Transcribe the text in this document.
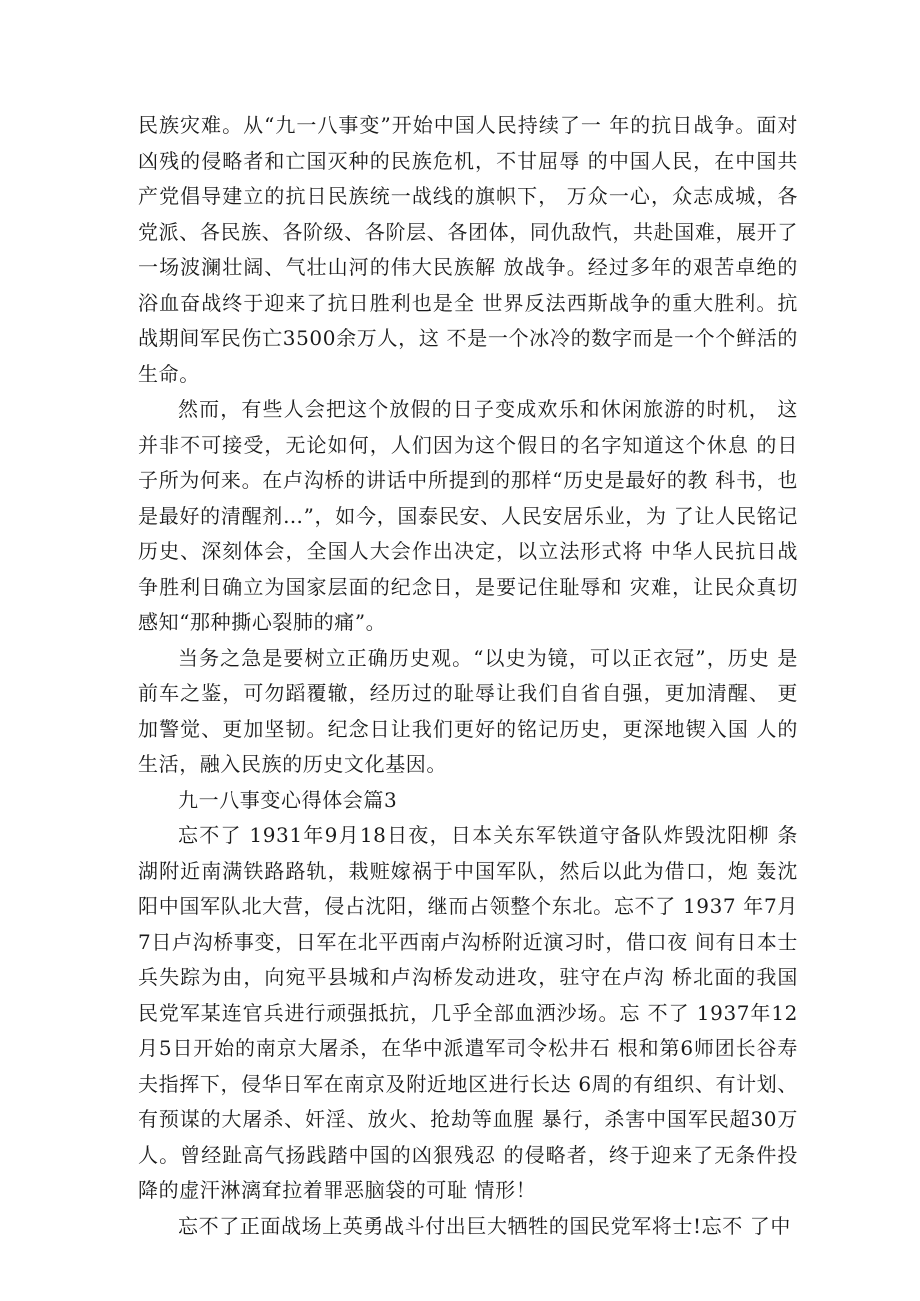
民族灾难。从“九一八事变”开始中国人民持续了一 年的抗日战争。面对凶残的侵略者和亡国灭种的民族危机，不甘屈辱 的中国人民，在中国共产党倡导建立的抗日民族统一战线的旗帜下， 万众一心，众志成城，各党派、各民族、各阶级、各阶层、各团体，同仇敌忾，共赴国难，展开了一场波澜壮阔、气壮山河的伟大民族解 放战争。经过多年的艰苦卓绝的浴血奋战终于迎来了抗日胜利也是全 世界反法西斯战争的重大胜利。抗战期间军民伤亡3500余万人，这 不是一个冰冷的数字而是一个个鲜活的生命。

然而，有些人会把这个放假的日子变成欢乐和休闲旅游的时机， 这并非不可接受，无论如何，人们因为这个假日的名字知道这个休息 的日子所为何来。在卢沟桥的讲话中所提到的那样“历史是最好的教 科书，也是最好的清醒剂…”，如今，国泰民安、人民安居乐业，为 了让人民铭记历史、深刻体会，全国人大会作出决定，以立法形式将 中华人民抗日战争胜利日确立为国家层面的纪念日，是要记住耻辱和 灾难，让民众真切感知“那种撕心裂肺的痛”。

当务之急是要树立正确历史观。“以史为镜，可以正衣冠”，历史 是前车之鉴，可勿蹈覆辙，经历过的耻辱让我们自省自强，更加清醒、 更加警觉、更加坚韧。纪念日让我们更好的铭记历史，更深地锲入国 人的生活，融入民族的历史文化基因。

九一八事变心得体会篇3

忘不了 1931年9月18日夜，日本关东军铁道守备队炸毁沈阳柳 条湖附近南满铁路路轨，栽赃嫁祸于中国军队，然后以此为借口，炮 轰沈阳中国军队北大营，侵占沈阳，继而占领整个东北。忘不了 1937 年7月7日卢沟桥事变，日军在北平西南卢沟桥附近演习时，借口夜 间有日本士兵失踪为由，向宛平县城和卢沟桥发动进攻，驻守在卢沟 桥北面的我国民党军某连官兵进行顽强抵抗，几乎全部血洒沙场。忘 不了 1937年12月5日开始的南京大屠杀，在华中派遣军司令松井石 根和第6师团长谷寿夫指挥下，侵华日军在南京及附近地区进行长达 6周的有组织、有计划、有预谋的大屠杀、奸淫、放火、抢劫等血腥 暴行，杀害中国军民超30万人。曾经趾高气扬践踏中国的凶狠残忍 的侵略者，终于迎来了无条件投降的虚汗淋漓耷拉着罪恶脑袋的可耻 情形！

忘不了正面战场上英勇战斗付出巨大牺牲的国民党军将士!忘不 了中
